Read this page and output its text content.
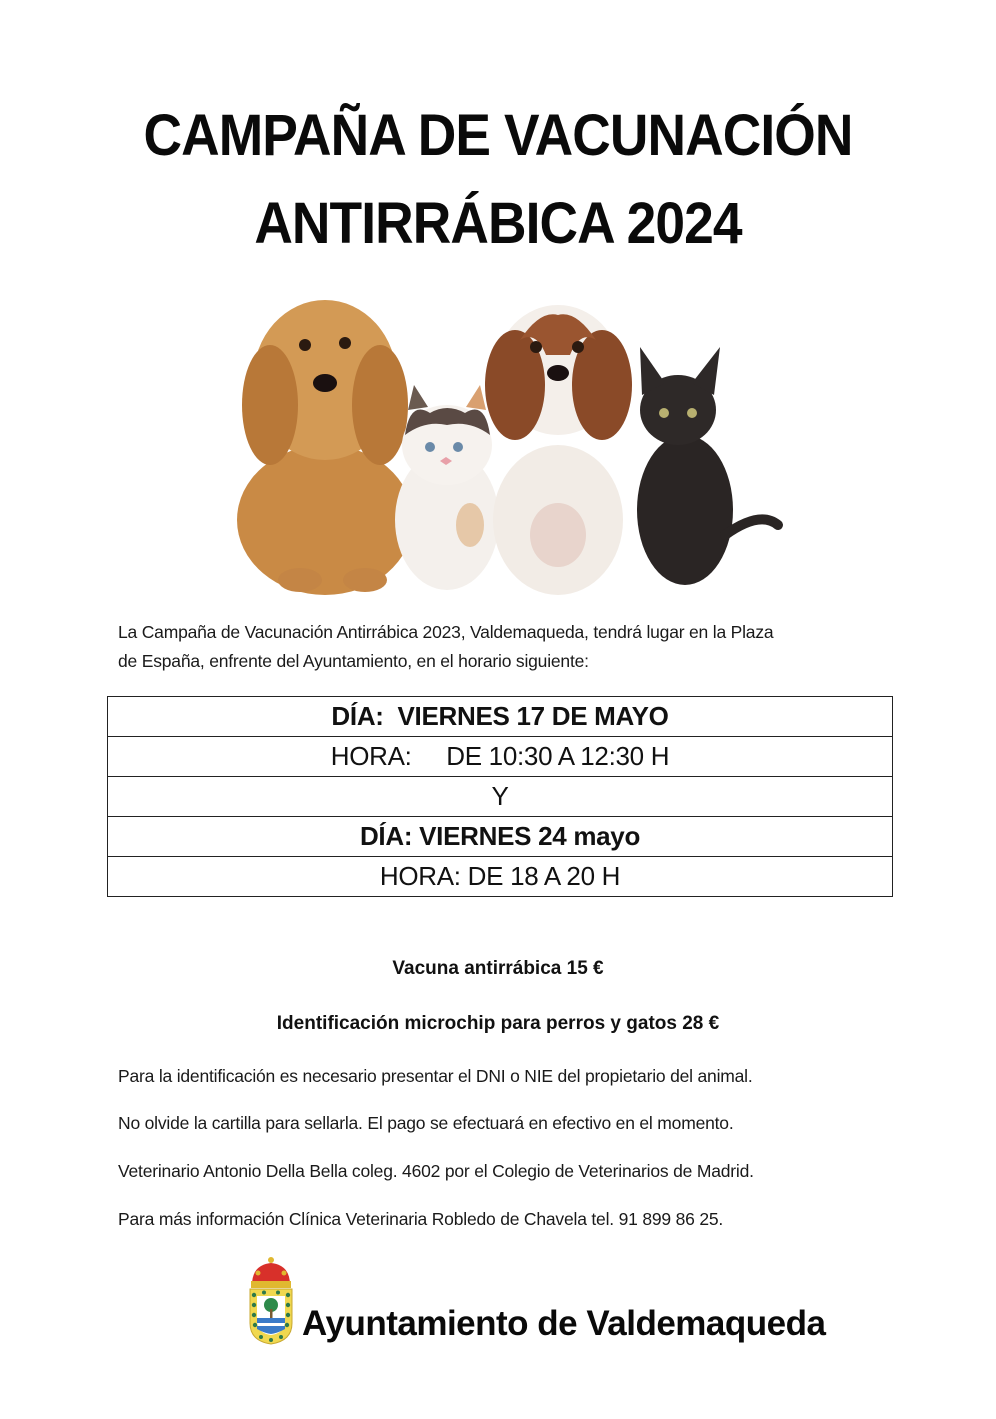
CAMPAÑA DE VACUNACIÓN
ANTIRRÁBICA 2024
La Campaña de Vacunación Antirrábica 2023, Valdemaqueda, tendrá lugar en la Plaza
de España, enfrente del Ayuntamiento, en el horario siguiente:
DÍA:  VIERNES 17 DE MAYO
HORA:     DE 10:30 A 12:30 H
Y
DÍA: VIERNES 24 mayo
HORA: DE 18 A 20 H
Vacuna antirrábica 15 €
Identificación microchip para perros y gatos 28 €
Para la identificación es necesario presentar el DNI o NIE del propietario del animal.
No olvide la cartilla para sellarla. El pago se efectuará en efectivo en el momento.
Veterinario Antonio Della Bella coleg. 4602 por el Colegio de Veterinarios de Madrid.
Para más información Clínica Veterinaria Robledo de Chavela tel. 91 899 86 25.
Ayuntamiento de Valdemaqueda
